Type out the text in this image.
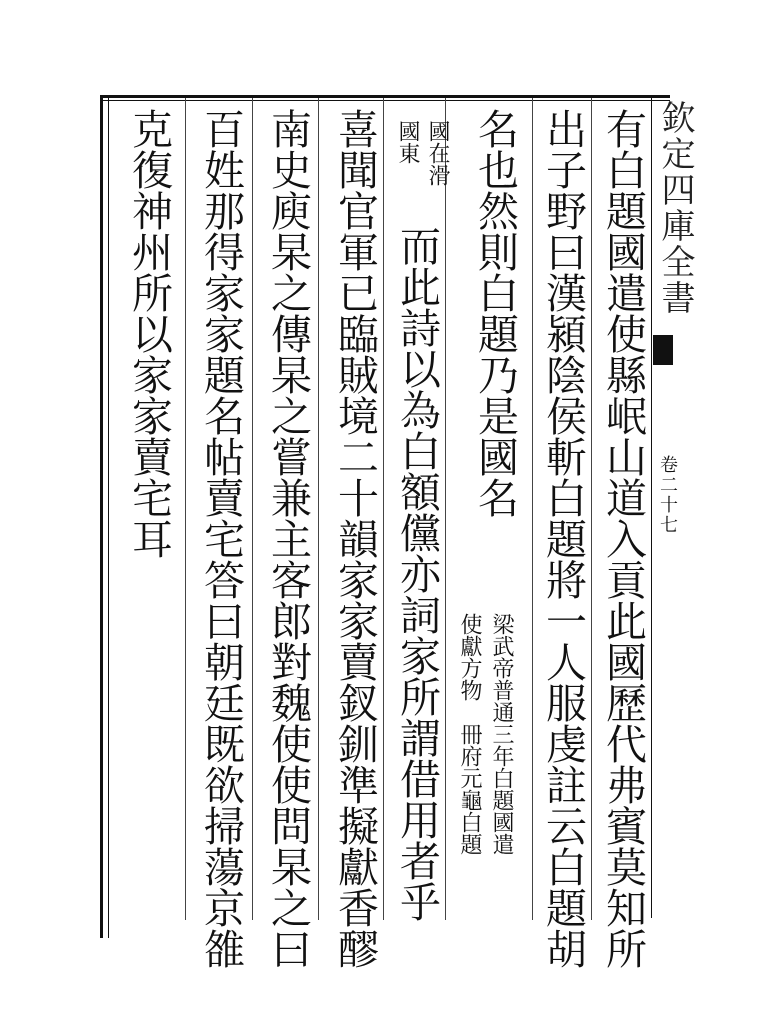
欽定四庫全書
卷二十七
有白題國遣使縣岷山道入貢此國歷代弗賓莫知所
出子野曰漢潁陰侯斬白題將一人服虔註云白題胡
名也然則白題乃是國名
梁武帝普通三年白題國遣
使獻方物　冊府元龜白題
國在滑
國東
而此詩以為白額儻亦詞家所謂借用者乎
喜聞官軍已臨賊境二十韻家家賣釵釧準擬獻香醪
南史庾杲之傳杲之嘗兼主客郎對魏使使問杲之曰
百姓那得家家題名帖賣宅答曰朝廷既欲掃蕩京雒
克復神州所以家家賣宅耳
